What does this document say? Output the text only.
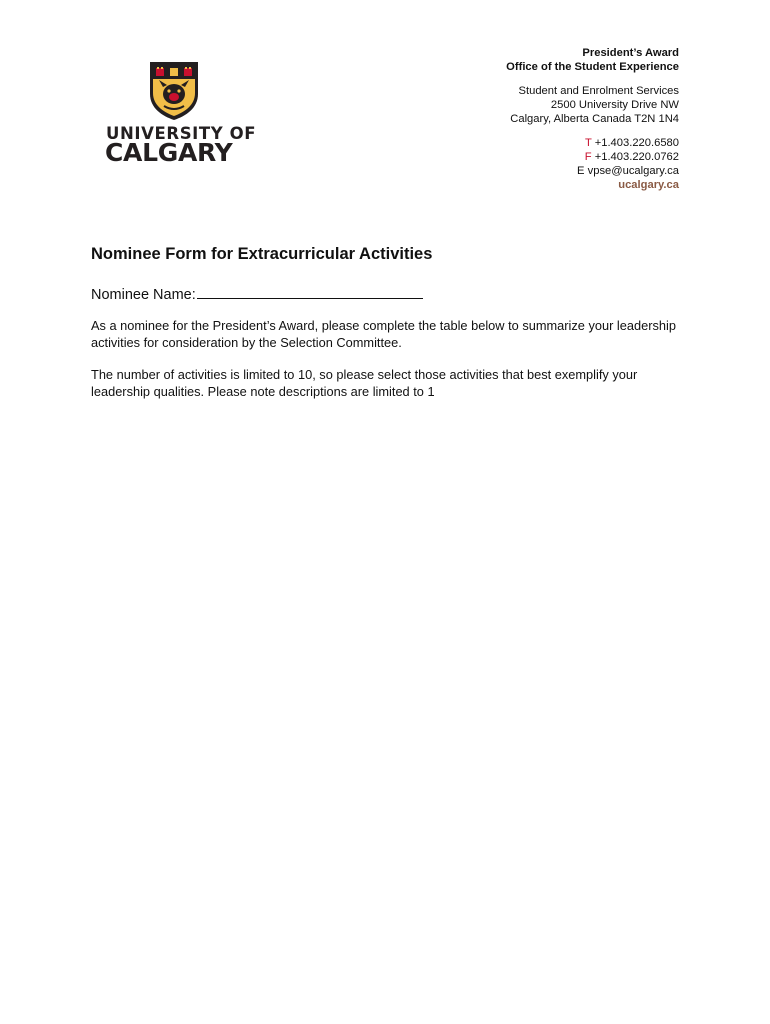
UNIVERSITY OF
CALGARY
President’s Award
Office of the Student Experience
Student and Enrolment Services
2500 University Drive NW
Calgary, Alberta Canada T2N 1N4
T +1.403.220.6580
F +1.403.220.0762
E vpse@ucalgary.ca
ucalgary.ca
Nominee Form for Extracurricular Activities
Nominee Name:
As a nominee for the President’s Award, please complete the table below to summarize your leadership activities for consideration by the Selection Committee.
The number of activities is limited to 10, so please select those activities that best exemplify your leadership qualities. Please note descriptions are limited to 1
